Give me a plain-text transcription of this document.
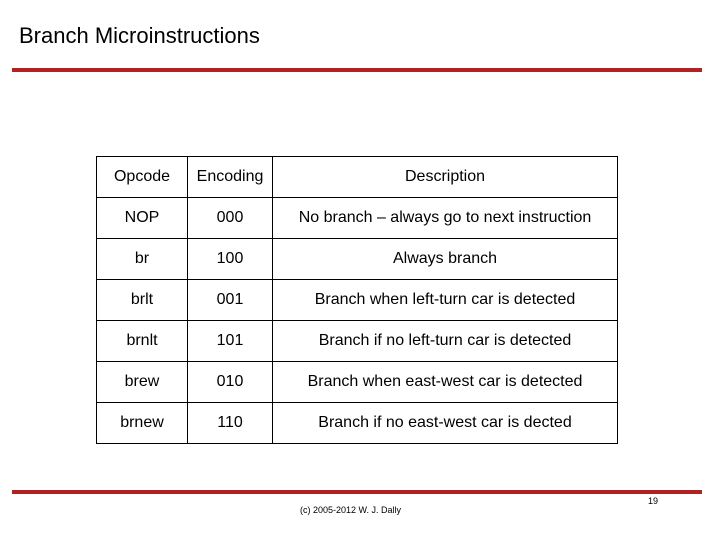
Branch Microinstructions
Opcode	Encoding	Description
NOP	000	No branch – always go to next instruction
br	100	Always branch
brlt	001	Branch when left-turn car is detected
brnlt	101	Branch if no left-turn car is detected
brew	010	Branch when east-west car is detected
brnew	110	Branch if no east-west car is dected
(c) 2005-2012 W. J. Dally
19
